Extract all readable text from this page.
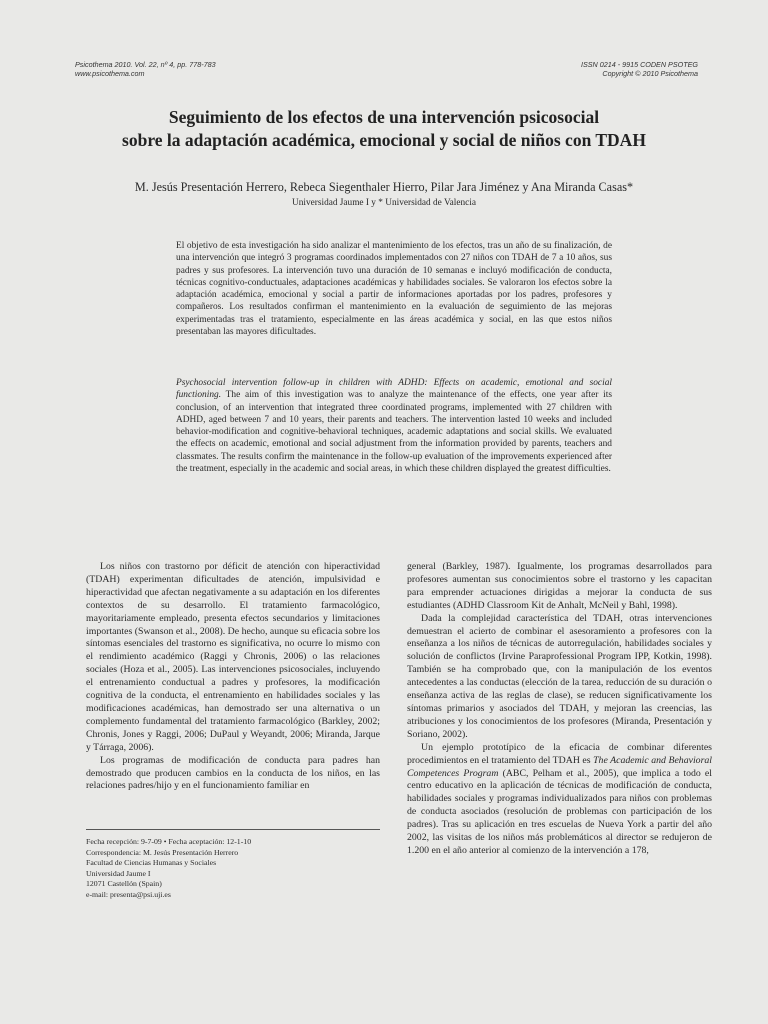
Psicothema 2010. Vol. 22, nº 4, pp. 778-783
www.psicothema.com
ISSN 0214 - 9915 CODEN PSOTEG
Copyright © 2010 Psicothema
Seguimiento de los efectos de una intervención psicosocial
sobre la adaptación académica, emocional y social de niños con TDAH
M. Jesús Presentación Herrero, Rebeca Siegenthaler Hierro, Pilar Jara Jiménez y Ana Miranda Casas*
Universidad Jaume I y * Universidad de Valencia

El objetivo de esta investigación ha sido analizar el mantenimiento de los efectos, tras un año de su finalización, de una intervención que integró 3 programas coordinados implementados con 27 niños con TDAH de 7 a 10 años, sus padres y sus profesores. La intervención tuvo una duración de 10 semanas e incluyó modificación de conducta, técnicas cognitivo-conductuales, adaptaciones académicas y habilidades sociales. Se valoraron los efectos sobre la adaptación académica, emocional y social a partir de informaciones aportadas por los padres, profesores y compañeros. Los resultados confirman el mantenimiento en la evaluación de seguimiento de las mejoras experimentadas tras el tratamiento, especialmente en las áreas académica y social, en las que estos niños presentaban las mayores dificultades.

Psychosocial intervention follow-up in children with ADHD: Effects on academic, emotional and social functioning. The aim of this investigation was to analyze the maintenance of the effects, one year after its conclusion, of an intervention that integrated three coordinated programs, implemented with 27 children with ADHD, aged between 7 and 10 years, their parents and teachers. The intervention lasted 10 weeks and included behavior-modification and cognitive-behavioral techniques, academic adaptations and social skills. We evaluated the effects on academic, emotional and social adjustment from the information provided by parents, teachers and classmates. The results confirm the maintenance in the follow-up evaluation of the improvements experienced after the treatment, especially in the academic and social areas, in which these children displayed the greatest difficulties.

Los niños con trastorno por déficit de atención con hiperactividad (TDAH) experimentan dificultades de atención, impulsividad e hiperactividad que afectan negativamente a su adaptación en los diferentes contextos de su desarrollo. El tratamiento farmacológico, mayoritariamente empleado, presenta efectos secundarios y limitaciones importantes (Swanson et al., 2008). De hecho, aunque su eficacia sobre los síntomas esenciales del trastorno es significativa, no ocurre lo mismo con el rendimiento académico (Raggi y Chronis, 2006) o las relaciones sociales (Hoza et al., 2005). Las intervenciones psicosociales, incluyendo el entrenamiento conductual a padres y profesores, la modificación cognitiva de la conducta, el entrenamiento en habilidades sociales y las modificaciones académicas, han demostrado ser una alternativa o un complemento fundamental del tratamiento farmacológico (Barkley, 2002; Chronis, Jones y Raggi, 2006; DuPaul y Weyandt, 2006; Miranda, Jarque y Tárraga, 2006).

Los programas de modificación de conducta para padres han demostrado que producen cambios en la conducta de los niños, en las relaciones padres/hijo y en el funcionamiento familiar en

general (Barkley, 1987). Igualmente, los programas desarrollados para profesores aumentan sus conocimientos sobre el trastorno y les capacitan para emprender actuaciones dirigidas a mejorar la conducta de sus estudiantes (ADHD Classroom Kit de Anhalt, McNeil y Bahl, 1998).

Dada la complejidad característica del TDAH, otras intervenciones demuestran el acierto de combinar el asesoramiento a profesores con la enseñanza a los niños de técnicas de autorregulación, habilidades sociales y solución de conflictos (Irvine Paraprofessional Program IPP, Kotkin, 1998). También se ha comprobado que, con la manipulación de los eventos antecedentes a las conductas (elección de la tarea, reducción de su duración o enseñanza activa de las reglas de clase), se reducen significativamente los síntomas primarios y asociados del TDAH, y mejoran las creencias, las atribuciones y los conocimientos de los profesores (Miranda, Presentación y Soriano, 2002).

Un ejemplo prototípico de la eficacia de combinar diferentes procedimientos en el tratamiento del TDAH es The Academic and Behavioral Competences Program (ABC, Pelham et al., 2005), que implica a todo el centro educativo en la aplicación de técnicas de modificación de conducta, habilidades sociales y programas individualizados para niños con problemas de conducta asociados (resolución de problemas con participación de los padres). Tras su aplicación en tres escuelas de Nueva York a partir del año 2002, las visitas de los niños más problemáticos al director se redujeron de 1.200 en el año anterior al comienzo de la intervención a 178,

Fecha recepción: 9-7-09 • Fecha aceptación: 12-1-10
Correspondencia: M. Jesús Presentación Herrero
Facultad de Ciencias Humanas y Sociales
Universidad Jaume I
12071 Castellón (Spain)
e-mail: presenta@psi.uji.es
